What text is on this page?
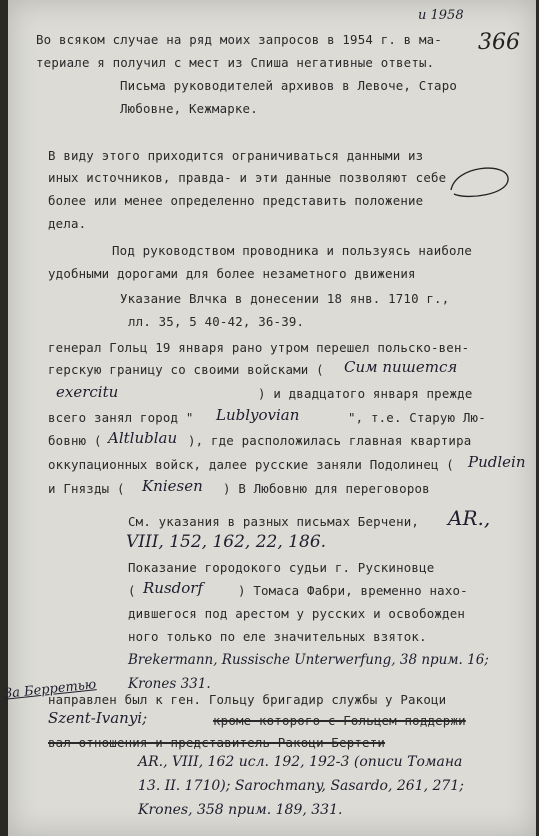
366
и 1958
Во всяком случае на ряд моих запросов в 1954 г. в ма-
териале я получил с мест из Спиша негативные ответы.
Письма руководителей архивов в Левоче, Старо
Любовне, Кежмарке.
В виду этого приходится ограничиваться данными из
иных источников, правда- и эти данные позволяют себе
более или менее определенно представить положение
дела.
Под руководством проводника и пользуясь наиболе
удобными дорогами для более незаметного движения
Указание Влчка в донесении 18 янв. 1710 г.,
лл. 35, 5 40-42, 36-39.
генерал Гольц 19 января рано утром перешел польско-вен-
герскую границу со своими войсками ( Сим пишется
exercitu	) и двадцатого января прежде
всего занял город " Lublyovian	", т.е. Старую Лю-
бовню ( Altlublau ), где расположилась главная квартира
оккупационных войск, далее русские заняли Подолинец ( Pudlein
и Гнязды ( Kniesen ) В Любовню для переговоров
См. указания в разных письмах Берчени, AR.,
VIII, 152, 162, 22, 186.
Показание городокого судьи г. Рускиновце
( Rusdorf	) Томаса Фабри, временно нахо-
дившегося под арестом у русских и освобожден
ного только по еле значительных взяток.
Brekermann, Russische Unterwerfung, 38 прим. 16; Krones 331.
За Берретью
направлен был к ген. Гольцу бригадир службы у Ракоци
Szent-Ivanyi;	кроме которого с Гольцем поддержи
вал отношения и представитель Ракоци Бертети
AR., VIII, 162 исл. 192, 192-3 (описи Томана
13. II. 1710); Sarochmany, Sasardo, 261, 271;
Krones, 358 прим. 189, 331.
